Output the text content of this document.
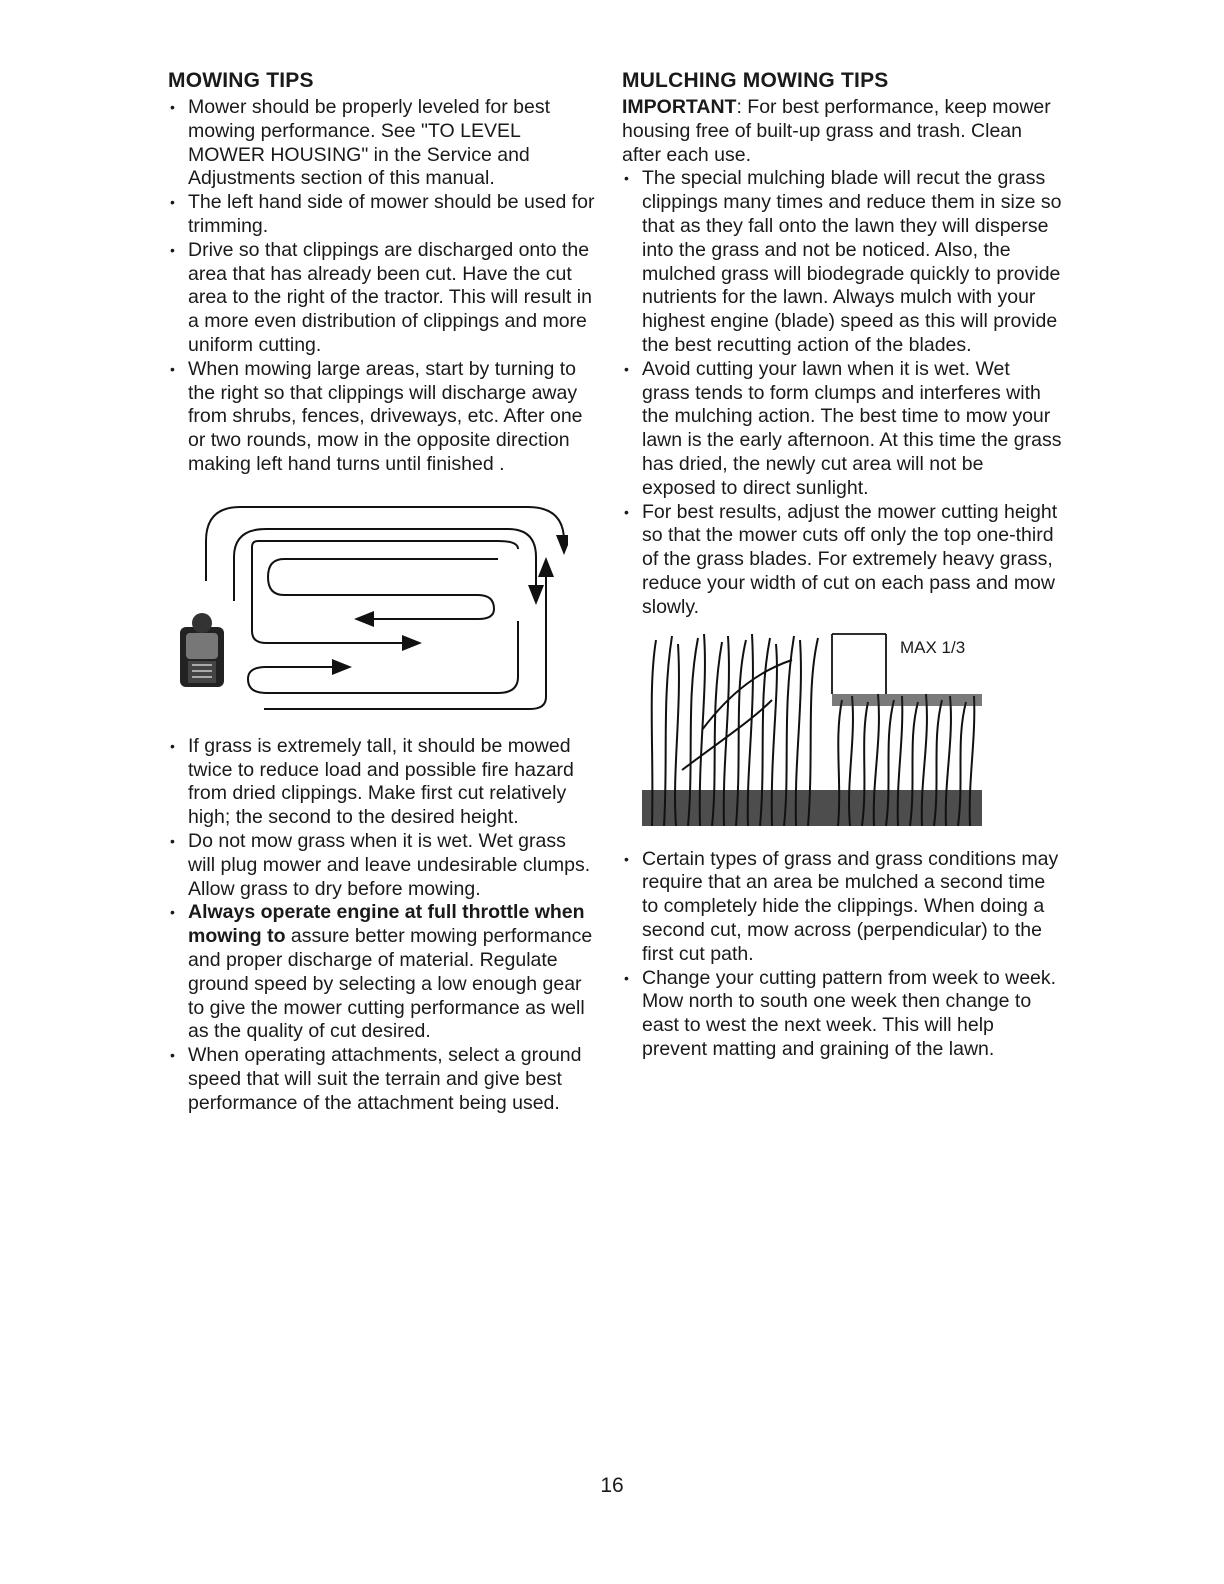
MOWING TIPS
• Mower should be properly leveled for best mowing performance. See "TO LEVEL MOWER HOUSING" in the Service and Adjustments section of this manual.
• The left hand side of mower should be used for trimming.
• Drive so that clippings are discharged onto the area that has already been cut. Have the cut area to the right of the tractor. This will result in a more even distribution of clippings and more uniform cutting.
• When mowing large areas, start by turning to the right so that clippings will discharge away from shrubs, fences, driveways, etc. After one or two rounds, mow in the opposite direction making left hand turns until finished .
• If grass is extremely tall, it should be mowed twice to reduce load and possible fire hazard from dried clippings. Make first cut relatively high; the second to the desired height.
• Do not mow grass when it is wet. Wet grass will plug mower and leave undesirable clumps. Allow grass to dry before mowing.
• Always operate engine at full throttle when mowing to assure better mowing performance and proper discharge of material. Regulate ground speed by selecting a low enough gear to give the mower cutting performance as well as the quality of cut desired.
• When operating attachments, select a ground speed that will suit the terrain and give best performance of the attachment being used.
MULCHING MOWING TIPS

IMPORTANT: For best performance, keep mower housing free of built-up grass and trash. Clean after each use.

• The special mulching blade will recut the grass clippings many times and reduce them in size so that as they fall onto the lawn they will disperse into the grass and not be noticed. Also, the mulched grass will biodegrade quickly to provide nutrients for the lawn. Always mulch with your highest engine (blade) speed as this will provide the best recutting action of the blades.
• Avoid cutting your lawn when it is wet. Wet grass tends to form clumps and interferes with the mulching action. The best time to mow your lawn is the early afternoon. At this time the grass has dried, the newly cut area will not be exposed to direct sunlight.
• For best results, adjust the mower cutting height so that the mower cuts off only the top one-third of the grass blades. For extremely heavy grass, reduce your width of cut on each pass and mow slowly.
MAX 1/3
• Certain types of grass and grass conditions may require that an area be mulched a second time to completely hide the clippings. When doing a second cut, mow across (perpendicular) to the first cut path.
• Change your cutting pattern from week to week. Mow north to south one week then change to east to west the next week. This will help prevent matting and graining of the lawn.
16
